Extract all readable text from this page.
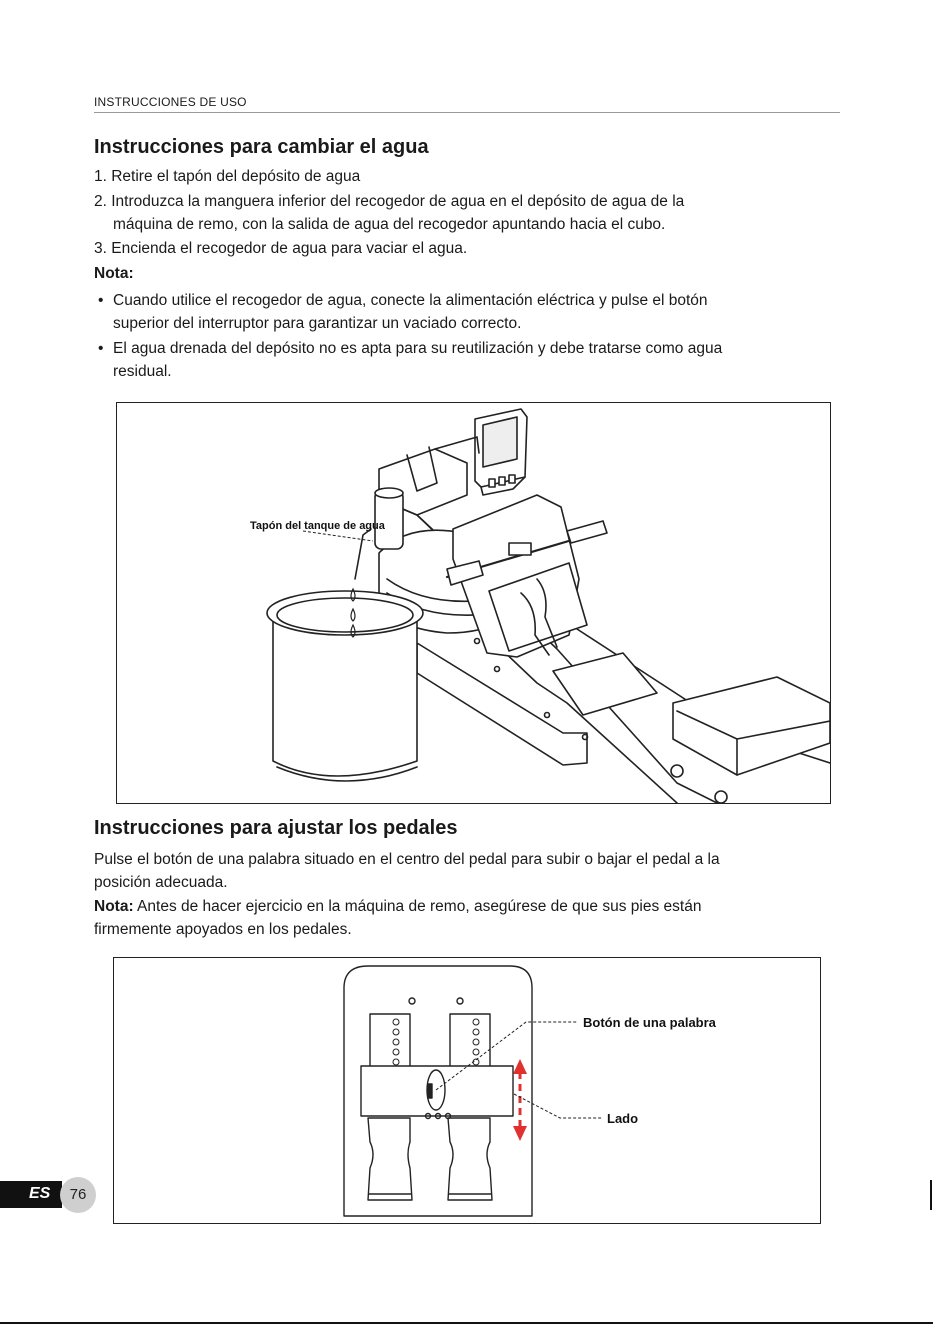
INSTRUCCIONES DE USO
Instrucciones para cambiar el agua
1. Retire el tapón del depósito de agua
2. Introduzca la manguera inferior del recogedor de agua en el depósito de agua de la
máquina de remo, con la salida de agua del recogedor apuntando hacia el cubo.
3. Encienda el recogedor de agua para vaciar el agua.
Nota:
• Cuando utilice el recogedor de agua, conecte la alimentación eléctrica y pulse el botón
superior del interruptor para garantizar un vaciado correcto.
• El agua drenada del depósito no es apta para su reutilización y debe tratarse como agua
residual.
Tapón del tanque de agua
Instrucciones para ajustar los pedales

Pulse el botón de una palabra situado en el centro del pedal para subir o bajar el pedal a la
posición adecuada.

Nota: Antes de hacer ejercicio en la máquina de remo, asegúrese de que sus pies están
firmemente apoyados en los pedales.

Botón de una palabra
Lado
ES	76
